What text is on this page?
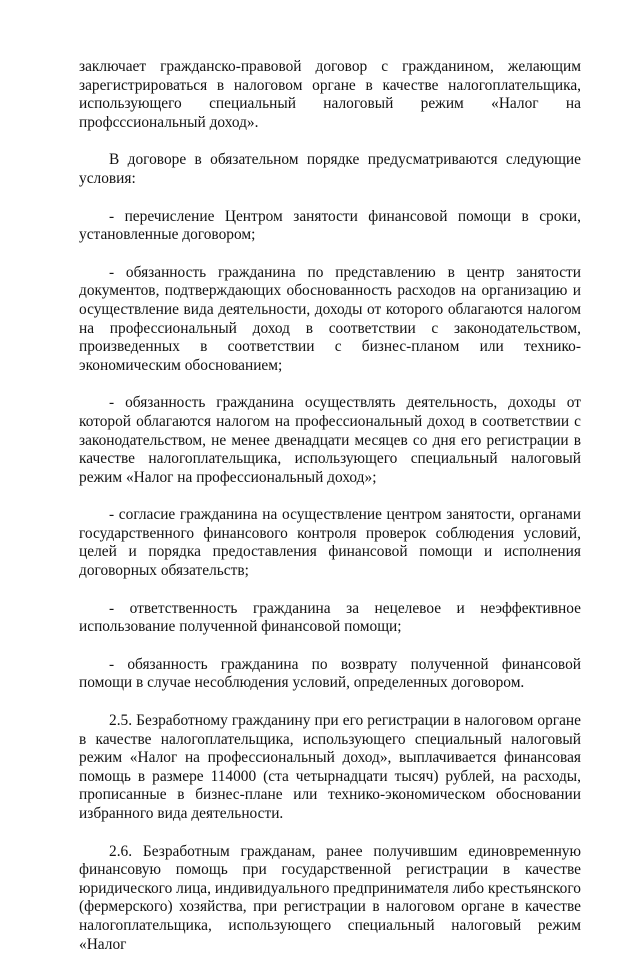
заключает гражданско-правовой договор с гражданином, желающим зарегистрироваться в налоговом органе в качестве налогоплательщика, использующего специальный налоговый режим «Налог на профсссиональный доход».

В договоре в обязательном порядке предусматриваются следующие условия:

- перечисление Центром занятости финансовой помощи в сроки, установленные договором;

- обязанность гражданина по представлению в центр занятости документов, подтверждающих обоснованность расходов на организацию и осуществление вида деятельности, доходы от которого облагаются налогом на профессиональный доход в соответствии с законодательством, произведенных в соответствии с бизнес-планом или технико-экономическим обоснованием;

- обязанность гражданина осуществлять деятельность, доходы от которой облагаются налогом на профессиональный доход в соответствии с законодательством, не менее двенадцати месяцев со дня его регистрации в качестве налогоплательщика, использующего специальный налоговый режим «Налог на профессиональный доход»;

- согласие гражданина на осуществление центром занятости, органами государственного финансового контроля проверок соблюдения условий, целей и порядка предоставления финансовой помощи и исполнения договорных обязательств;

- ответственность гражданина за нецелевое и неэффективное использование полученной финансовой помощи;

- обязанность гражданина по возврату полученной финансовой помощи в случае несоблюдения условий, определенных договором.

2.5. Безработному гражданину при его регистрации в налоговом органе в качестве налогоплательщика, использующего специальный налоговый режим «Налог на профессиональный доход», выплачивается финансовая помощь в размере 114000 (ста четырнадцати тысяч) рублей, на расходы, прописанные в бизнес-плане или технико-экономическом обосновании избранного вида деятельности.

2.6. Безработным гражданам, ранее получившим единовременную финансовую помощь при государственной регистрации в качестве юридического лица, индивидуального предпринимателя либо крестьянского (фермерского) хозяйства, при регистрации в налоговом органе в качестве налогоплательщика, использующего специальный налоговый режим «Налог
